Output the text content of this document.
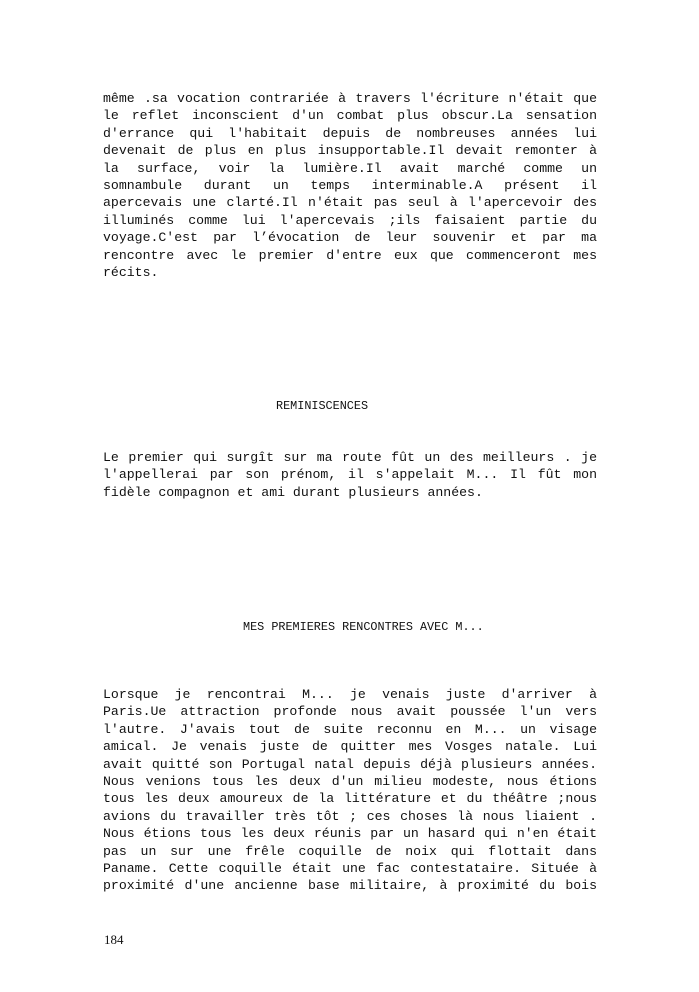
même .sa vocation contrariée à travers l'écriture n'était que
le reflet inconscient d'un combat plus obscur.La sensation
d'errance qui l'habitait depuis de nombreuses années lui
devenait de plus en plus insupportable.Il devait remonter à
la surface, voir la lumière.Il avait marché comme un
somnambule durant un temps interminable.A présent il
apercevais une clarté.Il n'était pas seul à l'apercevoir des
illuminés comme lui l'apercevais ;ils faisaient partie du
voyage.C'est par l’évocation de leur souvenir et par ma
rencontre avec le premier d'entre eux que commenceront mes
récits.
REMINISCENCES
Le premier qui surgît sur ma route fût un des meilleurs . je
l'appellerai par son prénom, il s'appelait M... Il fût mon
fidèle compagnon et ami durant plusieurs années.
MES PREMIERES RENCONTRES AVEC M...
Lorsque je rencontrai M... je venais juste d'arriver à
Paris.Ue attraction profonde nous avait poussée l'un vers
l'autre. J'avais tout de suite reconnu en M... un visage
amical. Je venais juste de quitter mes Vosges natale. Lui
avait quitté son Portugal natal depuis déjà plusieurs années.
Nous venions tous les deux d'un milieu modeste, nous étions
tous les deux amoureux de la littérature et du théâtre ;nous
avions du travailler très tôt ; ces choses là nous liaient .
Nous étions tous les deux réunis par un hasard qui n'en était
pas un sur une frêle coquille de noix qui flottait dans
Paname. Cette coquille était une fac contestataire. Située à
proximité d'une ancienne base militaire, à proximité du bois
184
